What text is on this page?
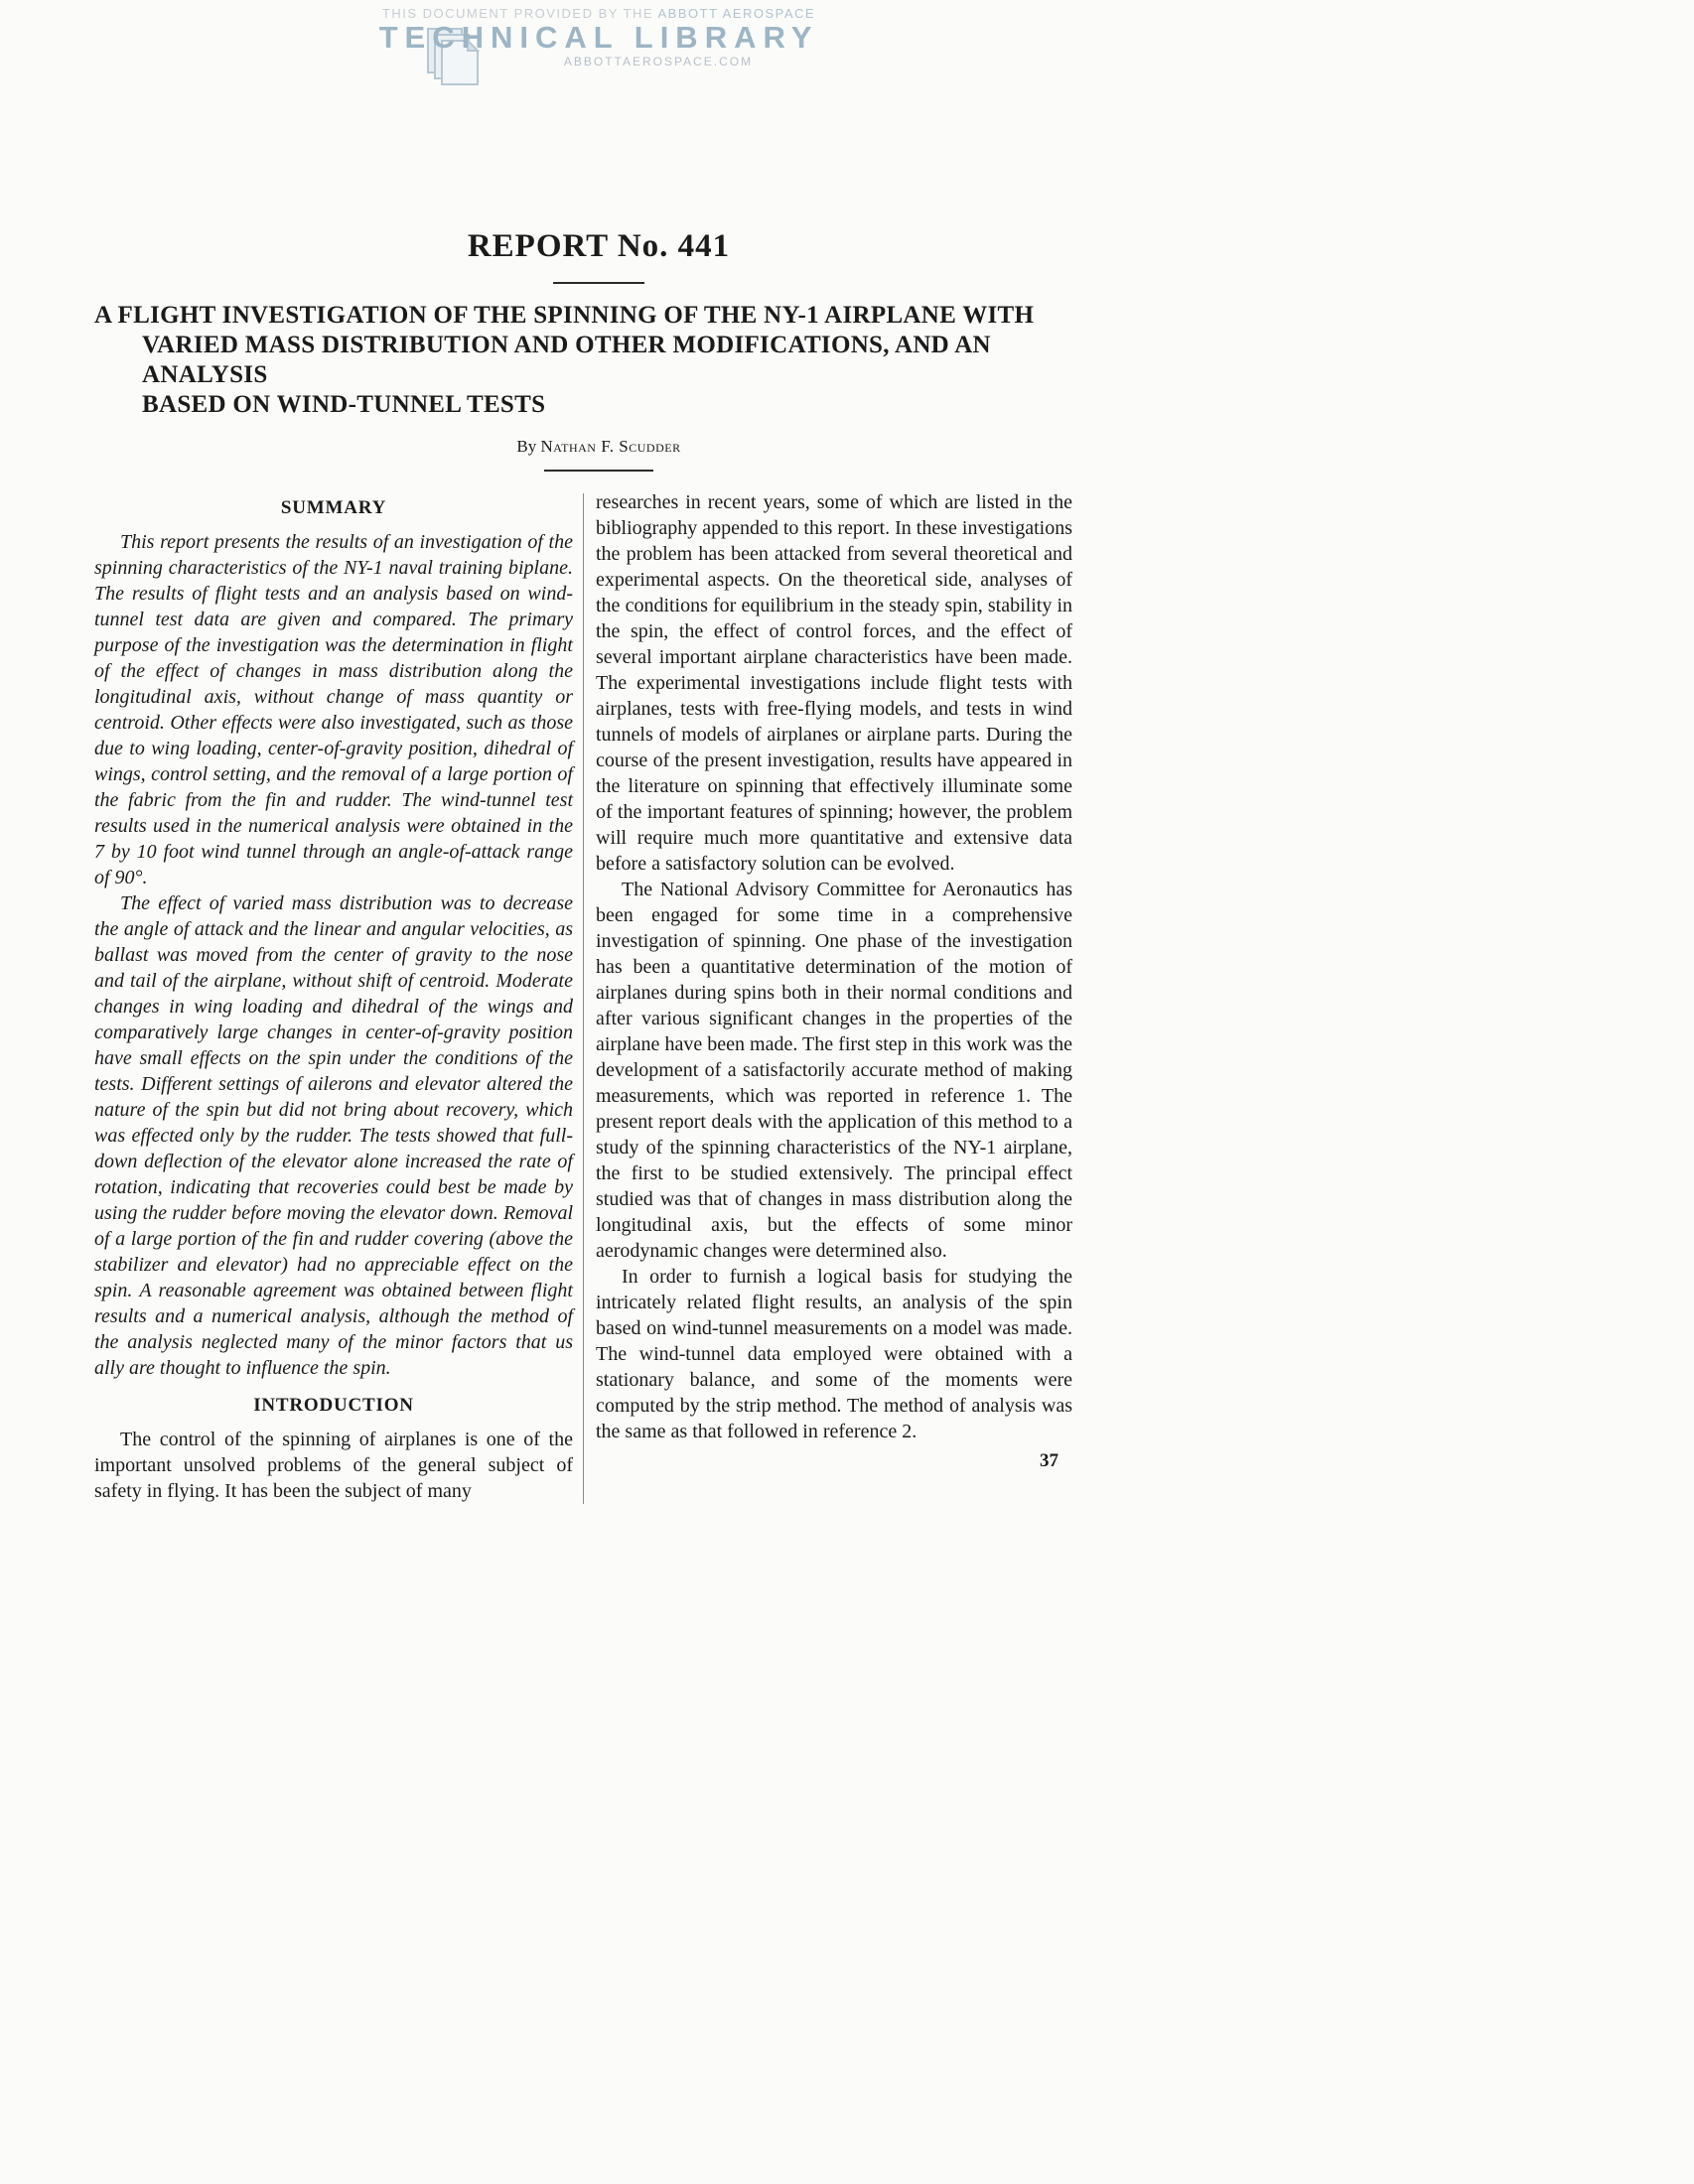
THIS DOCUMENT PROVIDED BY THE ABBOTT AEROSPACE
TECHNICAL LIBRARY
ABBOTTAEROSPACE.COM
REPORT No. 441
A FLIGHT INVESTIGATION OF THE SPINNING OF THE NY-1 AIRPLANE WITH
VARIED MASS DISTRIBUTION AND OTHER MODIFICATIONS, AND AN ANALYSIS
BASED ON WIND-TUNNEL TESTS
By Nathan F. Scudder
SUMMARY

This report presents the results of an investigation of the spinning characteristics of the NY-1 naval training biplane. The results of flight tests and an analysis based on wind-tunnel test data are given and compared. The primary purpose of the investigation was the determination in flight of the effect of changes in mass distribution along the longitudinal axis, without change of mass quantity or centroid. Other effects were also investigated, such as those due to wing loading, center-of-gravity position, dihedral of wings, control setting, and the removal of a large portion of the fabric from the fin and rudder. The wind-tunnel test results used in the numerical analysis were obtained in the 7 by 10 foot wind tunnel through an angle-of-attack range of 90°.

The effect of varied mass distribution was to decrease the angle of attack and the linear and angular velocities, as ballast was moved from the center of gravity to the nose and tail of the airplane, without shift of centroid. Moderate changes in wing loading and dihedral of the wings and comparatively large changes in center-of-gravity position have small effects on the spin under the conditions of the tests. Different settings of ailerons and elevator altered the nature of the spin but did not bring about recovery, which was effected only by the rudder. The tests showed that full-down deflection of the elevator alone increased the rate of rotation, indicating that recoveries could best be made by using the rudder before moving the elevator down. Removal of a large portion of the fin and rudder covering (above the stabilizer and elevator) had no appreciable effect on the spin. A reasonable agreement was obtained between flight results and a numerical analysis, although the method of the analysis neglected many of the minor factors that us ally are thought to influence the spin.

INTRODUCTION

The control of the spinning of airplanes is one of the important unsolved problems of the general subject of safety in flying. It has been the subject of many

researches in recent years, some of which are listed in the bibliography appended to this report. In these investigations the problem has been attacked from several theoretical and experimental aspects. On the theoretical side, analyses of the conditions for equilibrium in the steady spin, stability in the spin, the effect of control forces, and the effect of several important airplane characteristics have been made. The experimental investigations include flight tests with airplanes, tests with free-flying models, and tests in wind tunnels of models of airplanes or airplane parts. During the course of the present investigation, results have appeared in the literature on spinning that effectively illuminate some of the important features of spinning; however, the problem will require much more quantitative and extensive data before a satisfactory solution can be evolved.

The National Advisory Committee for Aeronautics has been engaged for some time in a comprehensive investigation of spinning. One phase of the investigation has been a quantitative determination of the motion of airplanes during spins both in their normal conditions and after various significant changes in the properties of the airplane have been made. The first step in this work was the development of a satisfactorily accurate method of making measurements, which was reported in reference 1. The present report deals with the application of this method to a study of the spinning characteristics of the NY-1 airplane, the first to be studied extensively. The principal effect studied was that of changes in mass distribution along the longitudinal axis, but the effects of some minor aerodynamic changes were determined also.

In order to furnish a logical basis for studying the intricately related flight results, an analysis of the spin based on wind-tunnel measurements on a model was made. The wind-tunnel data employed were obtained with a stationary balance, and some of the moments were computed by the strip method. The method of analysis was the same as that followed in reference 2.

37
